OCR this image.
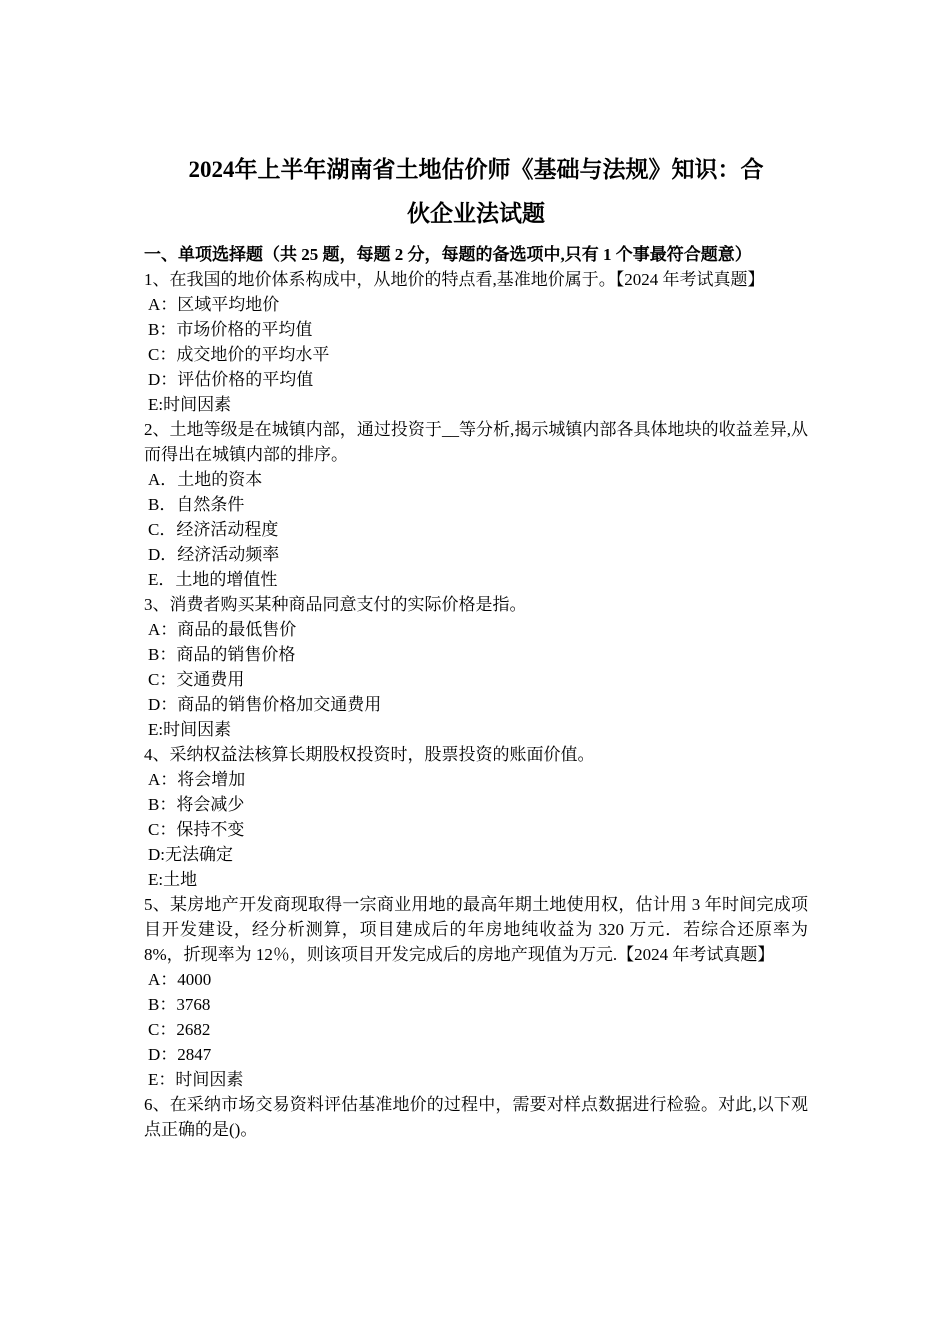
2024年上半年湖南省土地估价师《基础与法规》知识：合
伙企业法试题

一、单项选择题（共 25 题，每题 2 分，每题的备选项中,只有 1 个事最符合题意）

1、在我国的地价体系构成中，从地价的特点看,基准地价属于。【2024 年考试真题】

A：区域平均地价

B：市场价格的平均值

C：成交地价的平均水平

D：评估价格的平均值

E:时间因素

2、土地等级是在城镇内部，通过投资于__等分析,揭示城镇内部各具体地块的收益差异,从而得出在城镇内部的排序。

A．土地的资本

B．自然条件

C．经济活动程度

D．经济活动频率

E．土地的增值性

3、消费者购买某种商品同意支付的实际价格是指。

A：商品的最低售价

B：商品的销售价格

C：交通费用

D：商品的销售价格加交通费用

E:时间因素

4、采纳权益法核算长期股权投资时，股票投资的账面价值。

A：将会增加

B：将会减少

C：保持不变

D:无法确定

E:土地

5、某房地产开发商现取得一宗商业用地的最高年期土地使用权，估计用 3 年时间完成项目开发建设，经分析测算，项目建成后的年房地纯收益为 320 万元．若综合还原率为 8%，折现率为 12％，则该项目开发完成后的房地产现值为万元.【2024 年考试真题】

A：4000

B：3768

C：2682

D：2847

E：时间因素

6、在采纳市场交易资料评估基准地价的过程中，需要对样点数据进行检验。对此,以下观点正确的是()。
